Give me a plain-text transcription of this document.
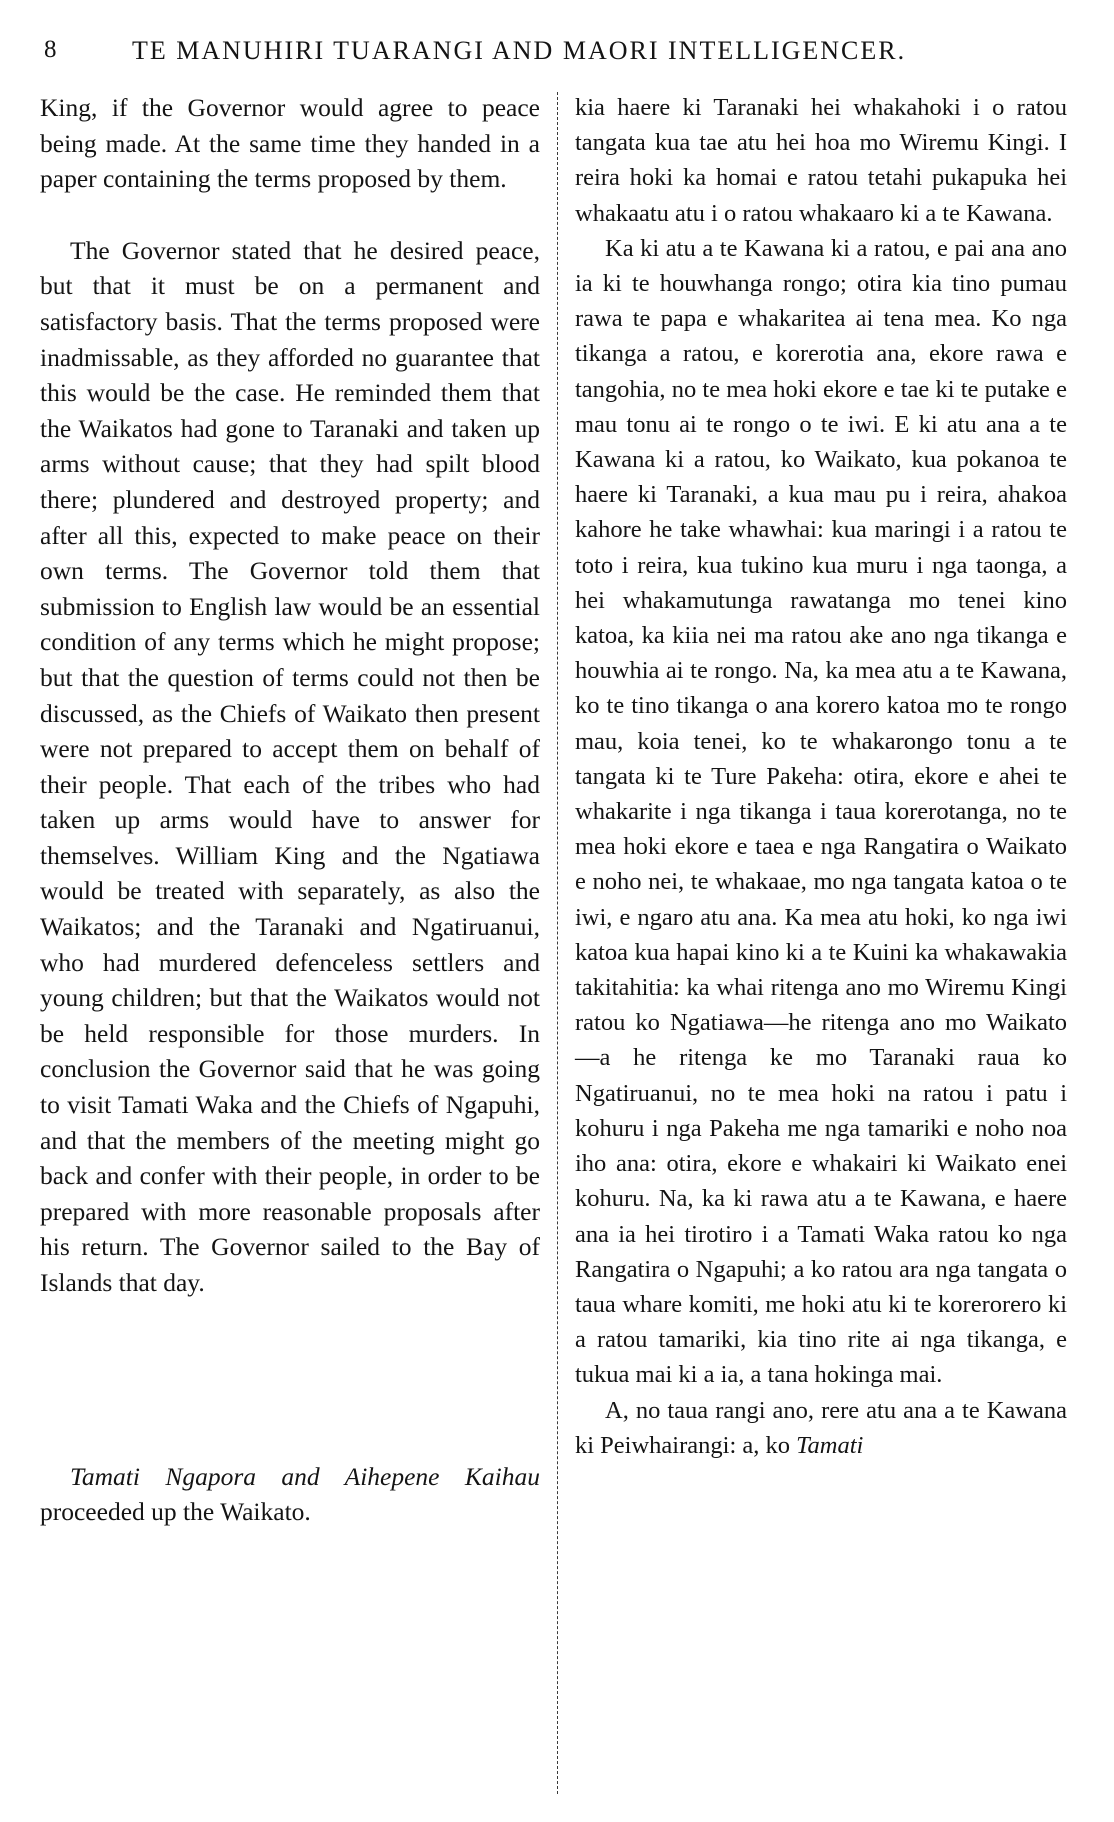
8	TE MANUHIRI TUARANGI AND MAORI INTELLIGENCER.

King, if the Governor would agree to peace being made. At the same time they handed in a paper containing the terms proposed by them.

The Governor stated that he desired peace, but that it must be on a permanent and satisfactory basis. That the terms proposed were inadmissable, as they afforded no guarantee that this would be the case. He reminded them that the Waikatos had gone to Taranaki and taken up arms without cause; that they had spilt blood there; plundered and destroyed property; and after all this, expected to make peace on their own terms. The Governor told them that submission to English law would be an essential condition of any terms which he might propose; but that the question of terms could not then be discussed, as the Chiefs of Waikato then present were not prepared to accept them on behalf of their people. That each of the tribes who had taken up arms would have to answer for themselves. William King and the Ngatiawa would be treated with separately, as also the Waikatos; and the Taranaki and Ngatiruanui, who had murdered defenceless settlers and young children; but that the Waikatos would not be held responsible for those murders. In conclusion the Governor said that he was going to visit Tamati Waka and the Chiefs of Ngapuhi, and that the members of the meeting might go back and confer with their people, in order to be prepared with more reasonable proposals after his return. The Governor sailed to the Bay of Islands that day.

Tamati Ngapora and Aihepene Kaihau proceeded up the Waikato.

kia haere ki Taranaki hei whakahoki i o ratou tangata kua tae atu hei hoa mo Wiremu Kingi. I reira hoki ka homai e ratou tetahi pukapuka hei whakaatu atu i o ratou whakaaro ki a te Kawana.

Ka ki atu a te Kawana ki a ratou, e pai ana ano ia ki te houwhanga rongo; otira kia tino pumau rawa te papa e whakaritea ai tena mea. Ko nga tikanga a ratou, e korerotia ana, ekore rawa e tangohia, no te mea hoki ekore e tae ki te putake e mau tonu ai te rongo o te iwi. E ki atu ana a te Kawana ki a ratou, ko Waikato, kua pokanoa te haere ki Taranaki, a kua mau pu i reira, ahakoa kahore he take whawhai: kua maringi i a ratou te toto i reira, kua tukino kua muru i nga taonga, a hei whakamutunga rawatanga mo tenei kino katoa, ka kiia nei ma ratou ake ano nga tikanga e houwhia ai te rongo. Na, ka mea atu a te Kawana, ko te tino tikanga o ana korero katoa mo te rongo mau, koia tenei, ko te whakarongo tonu a te tangata ki te Ture Pakeha: otira, ekore e ahei te whakarite i nga tikanga i taua korerotanga, no te mea hoki ekore e taea e nga Rangatira o Waikato e noho nei, te whakaae, mo nga tangata katoa o te iwi, e ngaro atu ana. Ka mea atu hoki, ko nga iwi katoa kua hapai kino ki a te Kuini ka whakawakia takitahitia: ka whai ritenga ano mo Wiremu Kingi ratou ko Ngatiawa—he ritenga ano mo Waikato—a he ritenga ke mo Taranaki raua ko Ngatiruanui, no te mea hoki na ratou i patu i kohuru i nga Pakeha me nga tamariki e noho noa iho ana: otira, ekore e whakairi ki Waikato enei kohuru. Na, ka ki rawa atu a te Kawana, e haere ana ia hei tirotiro i a Tamati Waka ratou ko nga Rangatira o Ngapuhi; a ko ratou ara nga tangata o taua whare komiti, me hoki atu ki te korerorero ki a ratou tamariki, kia tino rite ai nga tikanga, e tukua mai ki a ia, a tana hokinga mai.

A, no taua rangi ano, rere atu ana a te Kawana ki Peiwhairangi: a, ko Tamati
